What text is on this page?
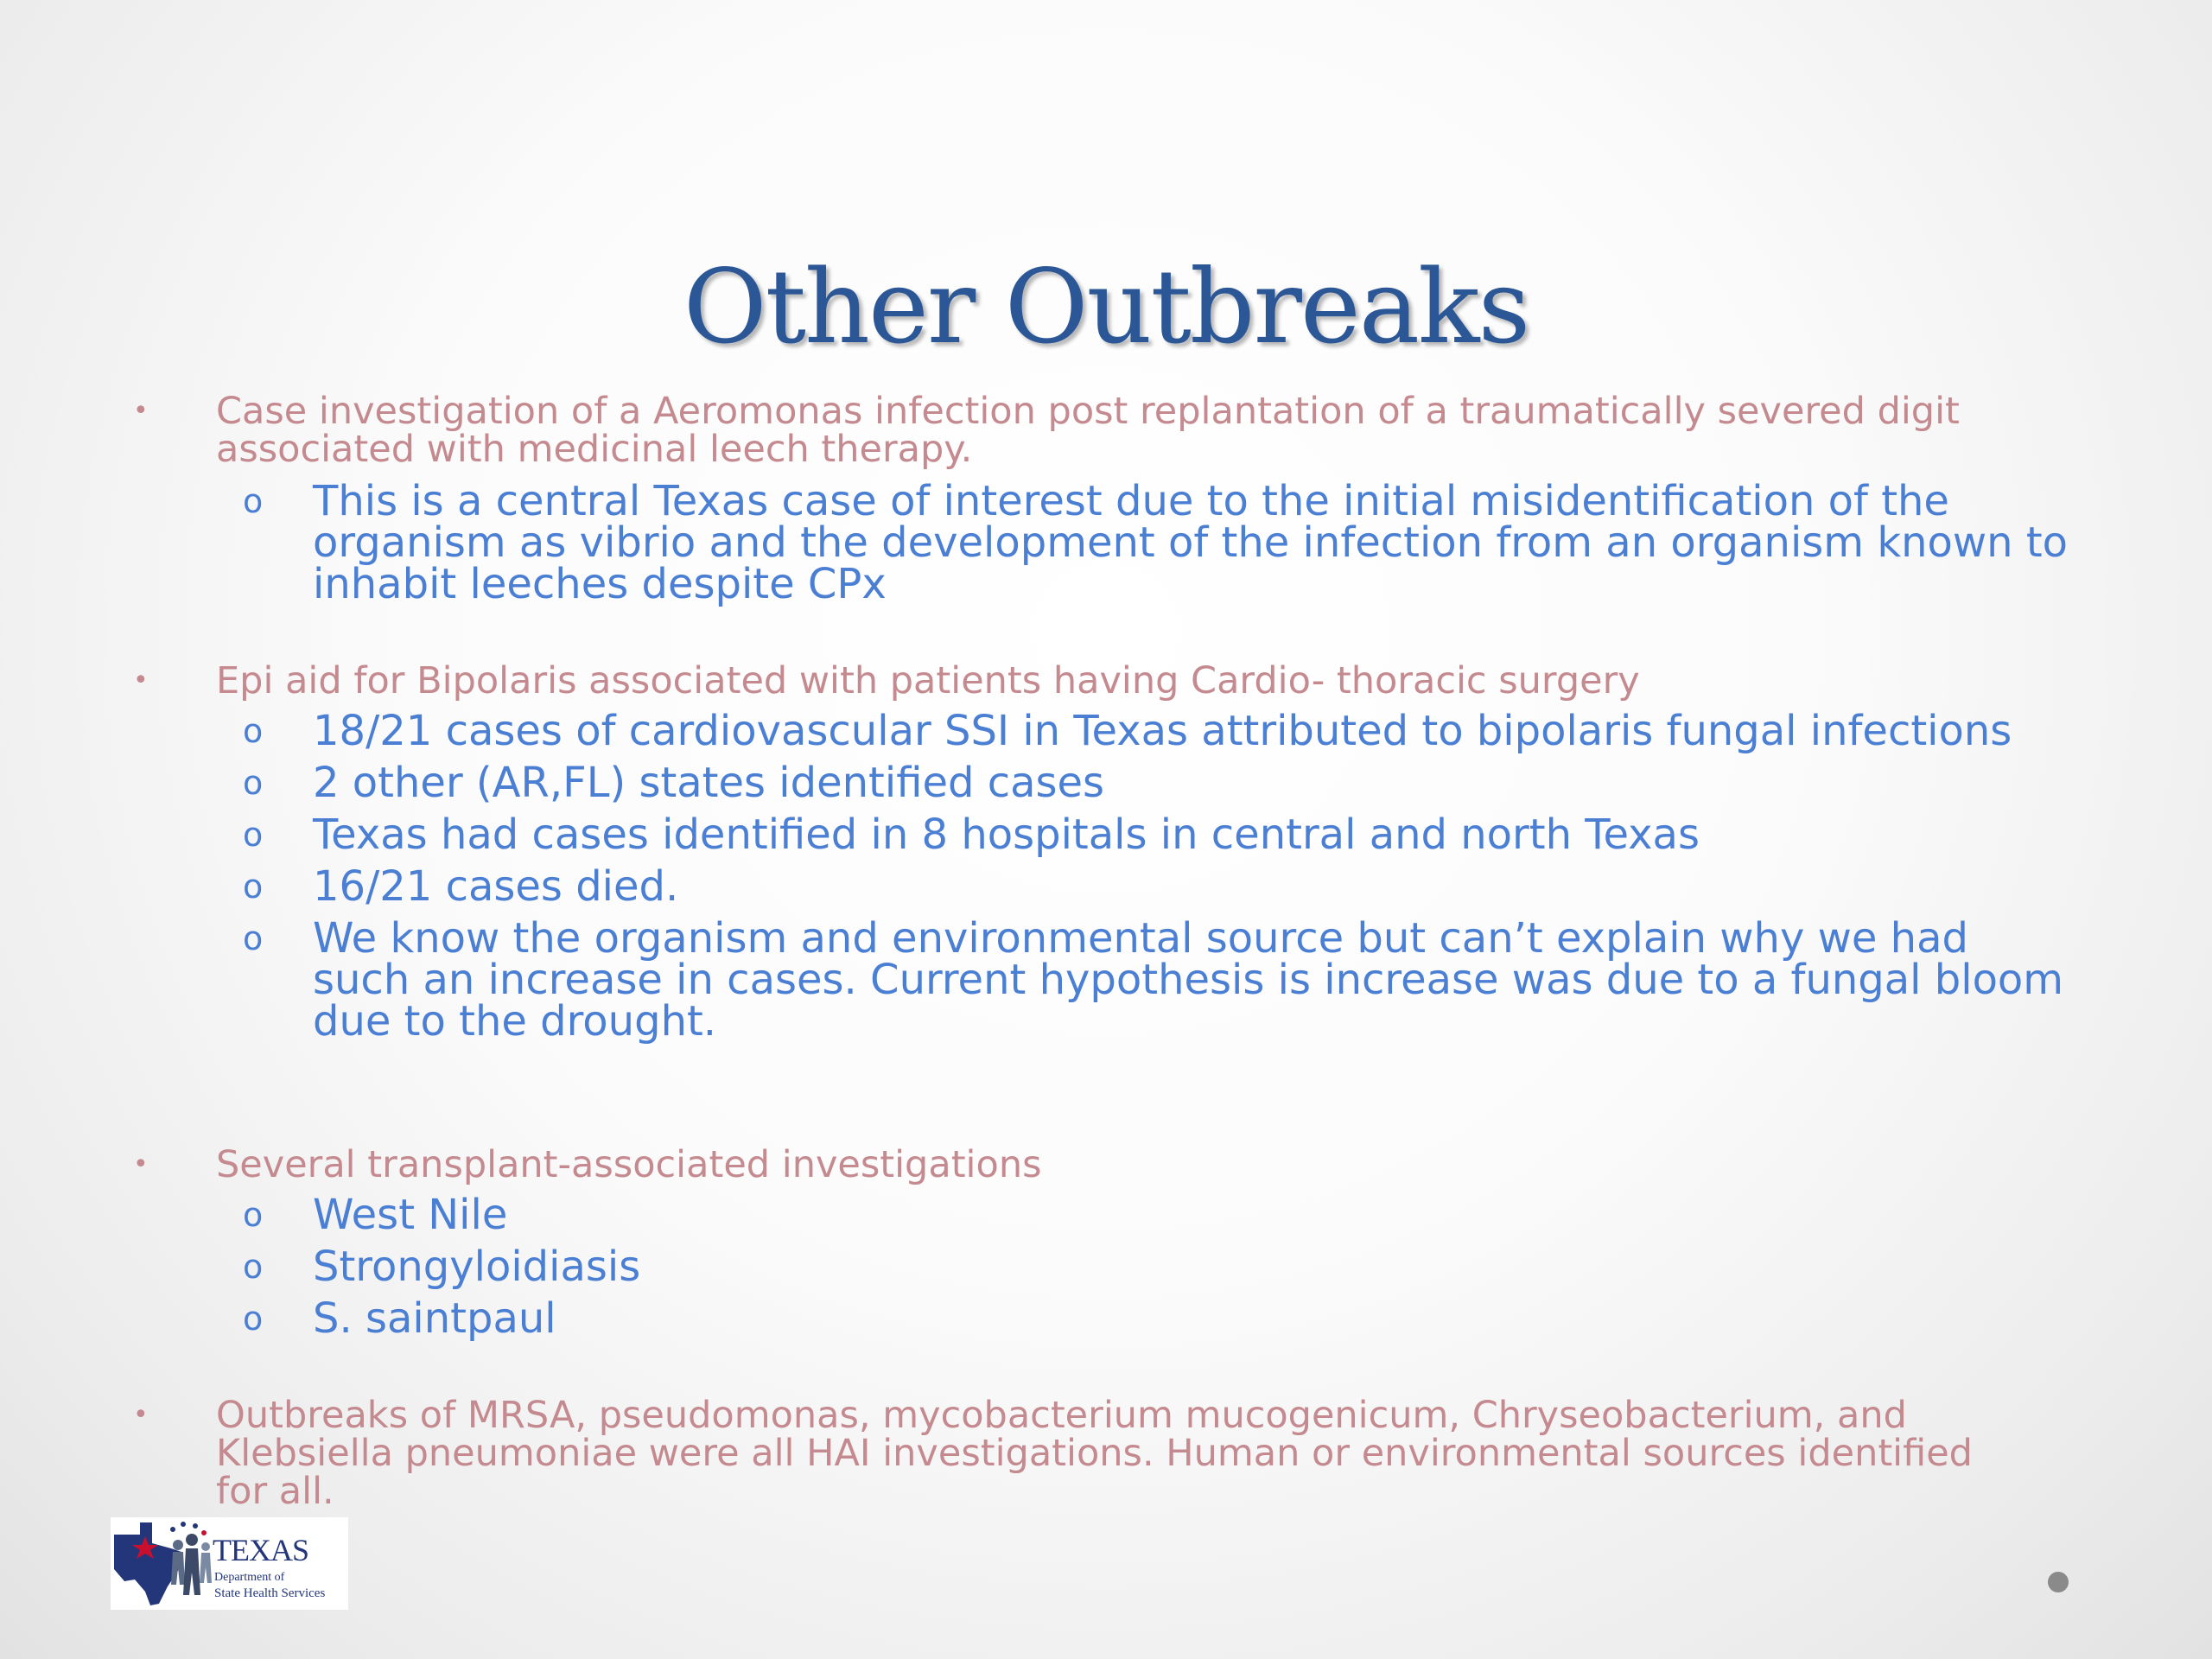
Other Outbreaks
• Case investigation of a Aeromonas infection post replantation of a traumatically severed digit
associated with medicinal leech therapy.
o This is a central Texas case of interest due to the initial misidentification of the
organism as vibrio and the development of the infection from an organism known to
inhabit leeches despite CPx
• Epi aid for Bipolaris associated with patients having Cardio- thoracic surgery
o 18/21 cases of cardiovascular SSI in Texas attributed to bipolaris fungal infections
o 2 other (AR,FL) states identified cases
o Texas had cases identified in 8 hospitals in central and north Texas
o 16/21 cases died.
o We know the organism and environmental source but can’t explain why we had
such an increase in cases. Current hypothesis is increase was due to a fungal bloom
due to the drought.
• Several transplant-associated investigations
o West Nile
o Strongyloidiasis
o S. saintpaul
• Outbreaks of MRSA, pseudomonas, mycobacterium mucogenicum, Chryseobacterium, and
Klebsiella pneumoniae were all HAI investigations. Human or environmental sources identified
for all.
TEXAS
Department of
State Health Services
